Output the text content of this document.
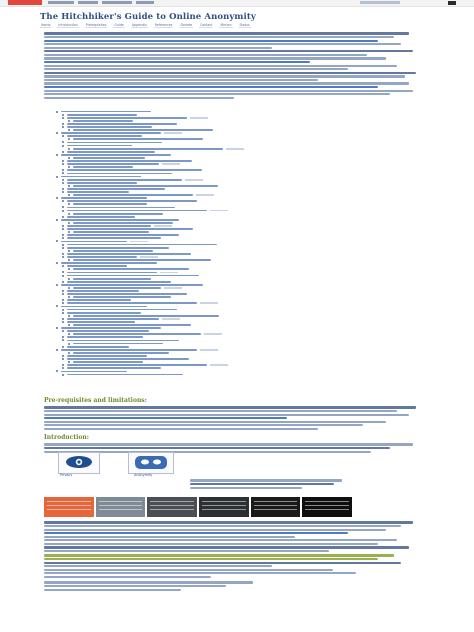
The Hitchhiker's Guide to Online Anonymity
Home	Introduction	Prerequisites	Guide	Appendix	References	Donate	Contact	Mirrors	Status
Pre-requisites and limitations:
Introduction:
Privacy	Anonymity
